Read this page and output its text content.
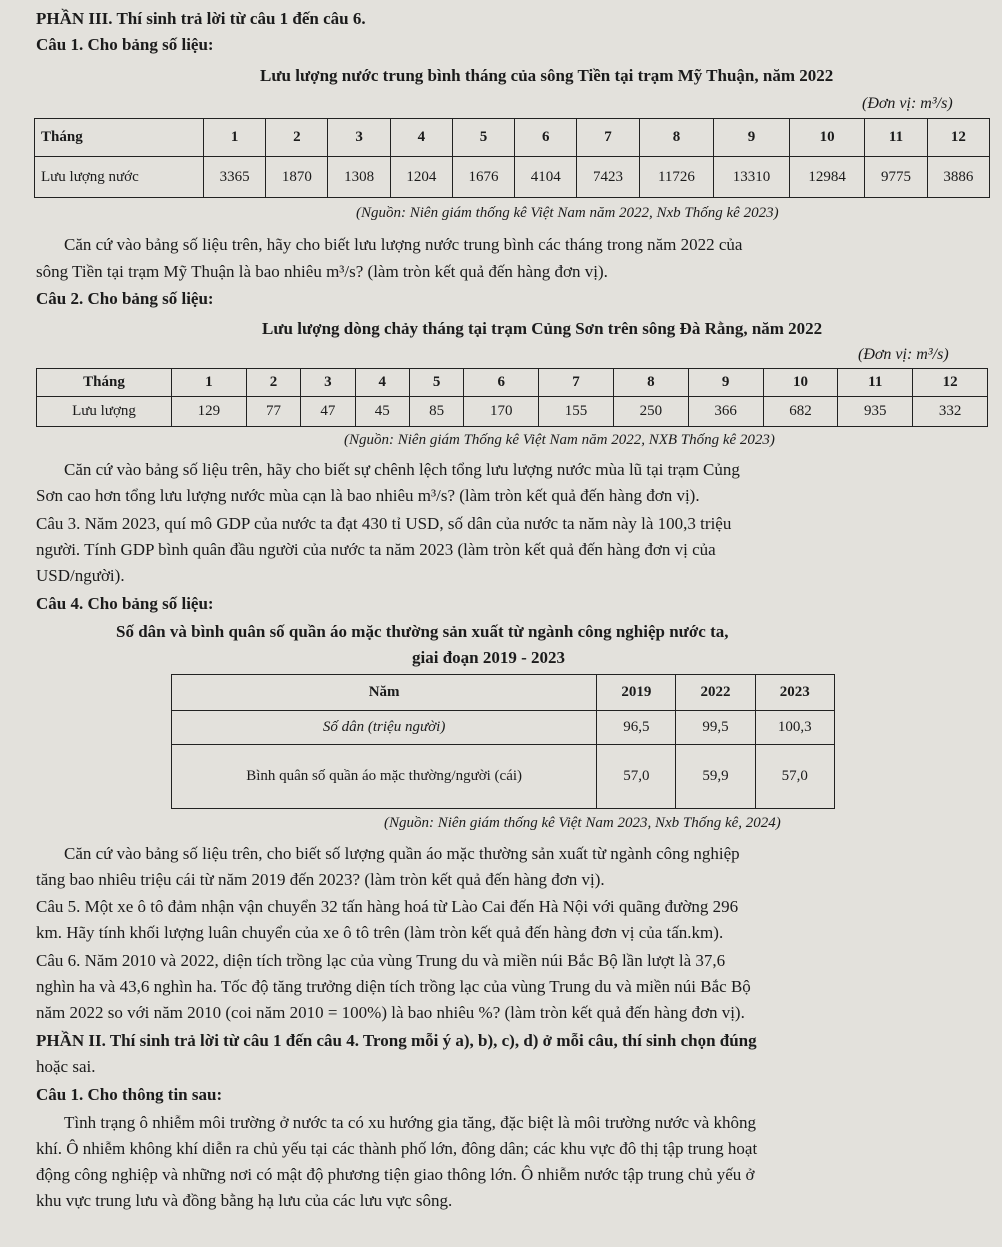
PHẦN III. Thí sinh trả lời từ câu 1 đến câu 6.
Câu 1. Cho bảng số liệu:
Lưu lượng nước trung bình tháng của sông Tiền tại trạm Mỹ Thuận, năm 2022
(Đơn vị: m³/s)
Tháng	1	2	3	4	5	6	7	8	9	10	11	12
Lưu lượng nước	3365	1870	1308	1204	1676	4104	7423	11726	13310	12984	9775	3886
(Nguồn: Niên giám thống kê Việt Nam năm 2022, Nxb Thống kê 2023)
Căn cứ vào bảng số liệu trên, hãy cho biết lưu lượng nước trung bình các tháng trong năm 2022 của
sông Tiền tại trạm Mỹ Thuận là bao nhiêu m³/s? (làm tròn kết quả đến hàng đơn vị).
Câu 2. Cho bảng số liệu:
Lưu lượng dòng chảy tháng tại trạm Củng Sơn trên sông Đà Rằng, năm 2022
(Đơn vị: m³/s)
Tháng	1	2	3	4	5	6	7	8	9	10	11	12
Lưu lượng	129	77	47	45	85	170	155	250	366	682	935	332
(Nguồn: Niên giám Thống kê Việt Nam năm 2022, NXB Thống kê 2023)
Căn cứ vào bảng số liệu trên, hãy cho biết sự chênh lệch tổng lưu lượng nước mùa lũ tại trạm Củng
Sơn cao hơn tổng lưu lượng nước mùa cạn là bao nhiêu m³/s? (làm tròn kết quả đến hàng đơn vị).
Câu 3. Năm 2023, quí mô GDP của nước ta đạt 430 tỉ USD, số dân của nước ta năm này là 100,3 triệu
người. Tính GDP bình quân đầu người của nước ta năm 2023 (làm tròn kết quả đến hàng đơn vị của
USD/người).
Câu 4. Cho bảng số liệu:
Số dân và bình quân số quần áo mặc thường sản xuất từ ngành công nghiệp nước ta,
giai đoạn 2019 - 2023
Năm	2019	2022	2023
Số dân (triệu người)	96,5	99,5	100,3
Bình quân số quần áo mặc thường/người (cái)	57,0	59,9	57,0
(Nguồn: Niên giám thống kê Việt Nam 2023, Nxb Thống kê, 2024)
Căn cứ vào bảng số liệu trên, cho biết số lượng quần áo mặc thường sản xuất từ ngành công nghiệp
tăng bao nhiêu triệu cái từ năm 2019 đến 2023? (làm tròn kết quả đến hàng đơn vị).
Câu 5. Một xe ô tô đảm nhận vận chuyển 32 tấn hàng hoá từ Lào Cai đến Hà Nội với quãng đường 296
km. Hãy tính khối lượng luân chuyển của xe ô tô trên (làm tròn kết quả đến hàng đơn vị của tấn.km).
Câu 6. Năm 2010 và 2022, diện tích trồng lạc của vùng Trung du và miền núi Bắc Bộ lần lượt là 37,6
nghìn ha và 43,6 nghìn ha. Tốc độ tăng trưởng diện tích trồng lạc của vùng Trung du và miền núi Bắc Bộ
năm 2022 so với năm 2010 (coi năm 2010 = 100%) là bao nhiêu %? (làm tròn kết quả đến hàng đơn vị).
PHẦN II. Thí sinh trả lời từ câu 1 đến câu 4. Trong mỗi ý a), b), c), d) ở mỗi câu, thí sinh chọn đúng
hoặc sai.
Câu 1. Cho thông tin sau:
Tình trạng ô nhiễm môi trường ở nước ta có xu hướng gia tăng, đặc biệt là môi trường nước và không
khí. Ô nhiễm không khí diễn ra chủ yếu tại các thành phố lớn, đông dân; các khu vực đô thị tập trung hoạt
động công nghiệp và những nơi có mật độ phương tiện giao thông lớn. Ô nhiễm nước tập trung chủ yếu ở
khu vực trung lưu và đồng bằng hạ lưu của các lưu vực sông.
